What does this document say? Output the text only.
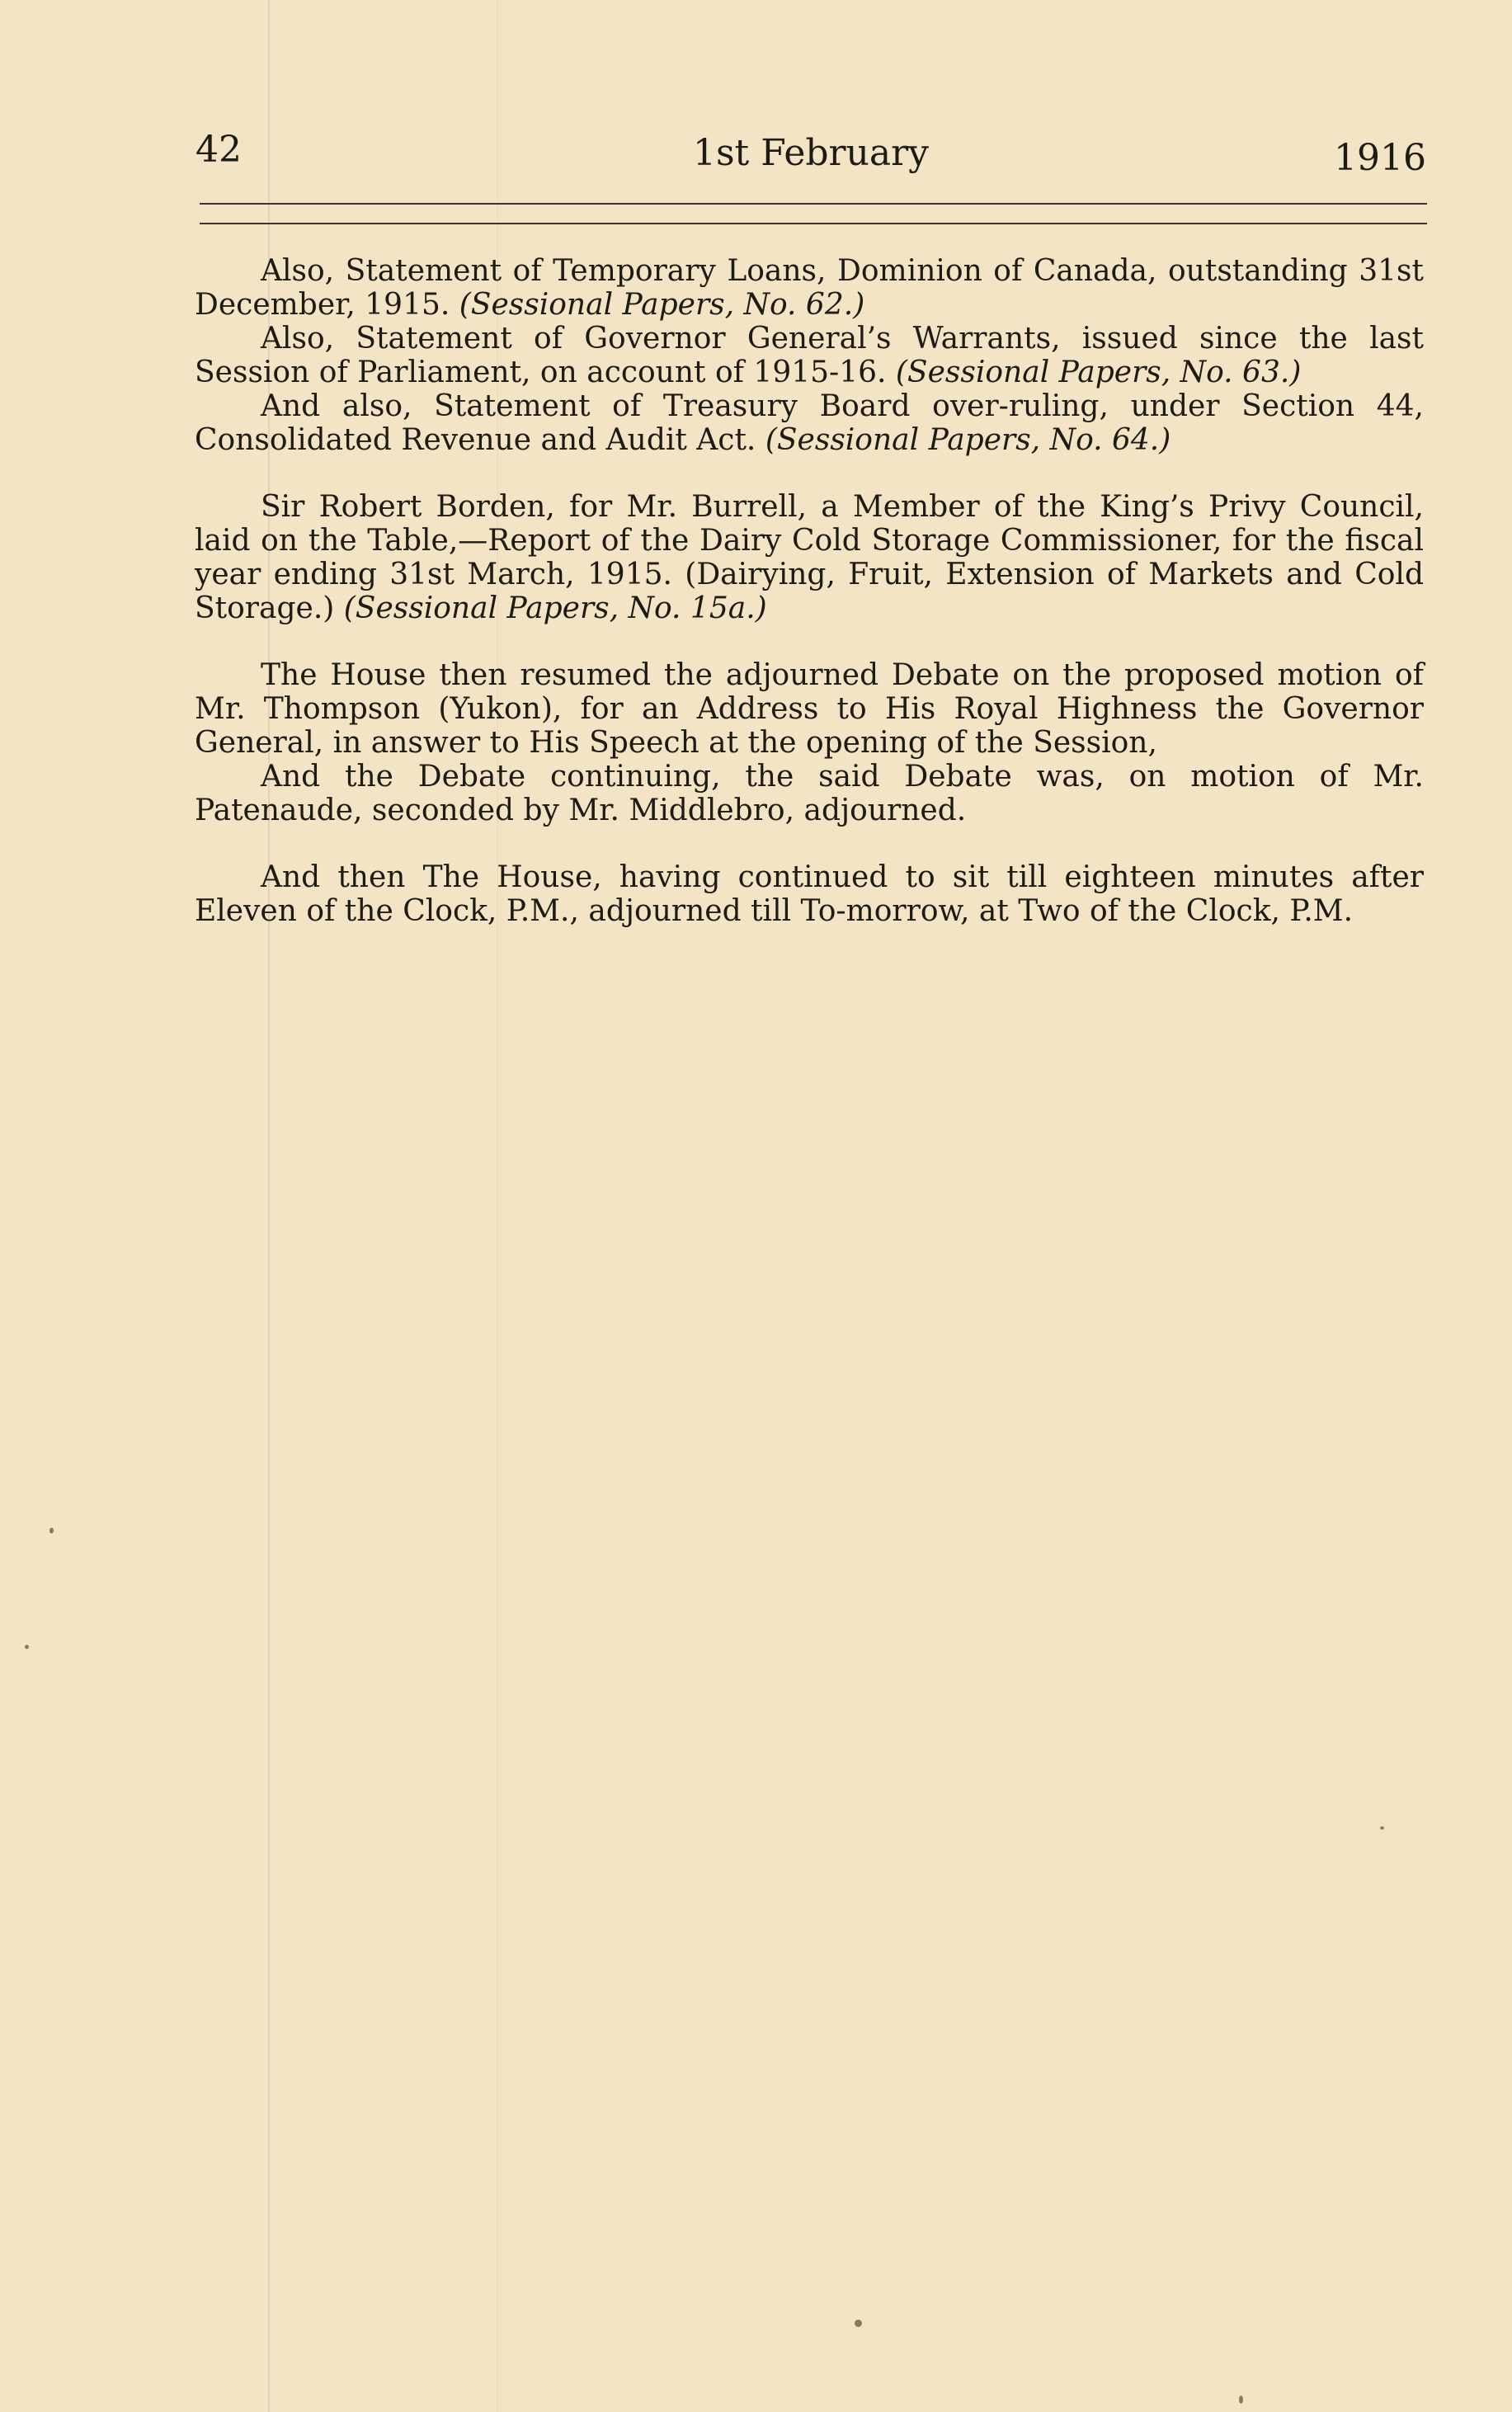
42	1st February	1916

Also, Statement of Temporary Loans, Dominion of Canada, outstanding 31st December, 1915. (Sessional Papers, No. 62.)

Also, Statement of Governor General’s Warrants, issued since the last Session of Parliament, on account of 1915-16. (Sessional Papers, No. 63.)

And also, Statement of Treasury Board over-ruling, under Section 44, Consolidated Revenue and Audit Act. (Sessional Papers, No. 64.)

Sir Robert Borden, for Mr. Burrell, a Member of the King’s Privy Council, laid on the Table,—Report of the Dairy Cold Storage Commissioner, for the fiscal year ending 31st March, 1915. (Dairying, Fruit, Extension of Markets and Cold Storage.) (Sessional Papers, No. 15a.)

The House then resumed the adjourned Debate on the proposed motion of Mr. Thompson (Yukon), for an Address to His Royal Highness the Governor General, in answer to His Speech at the opening of the Session,

And the Debate continuing, the said Debate was, on motion of Mr. Patenaude, seconded by Mr. Middlebro, adjourned.

And then The House, having continued to sit till eighteen minutes after Eleven of the Clock, P.M., adjourned till To-morrow, at Two of the Clock, P.M.
